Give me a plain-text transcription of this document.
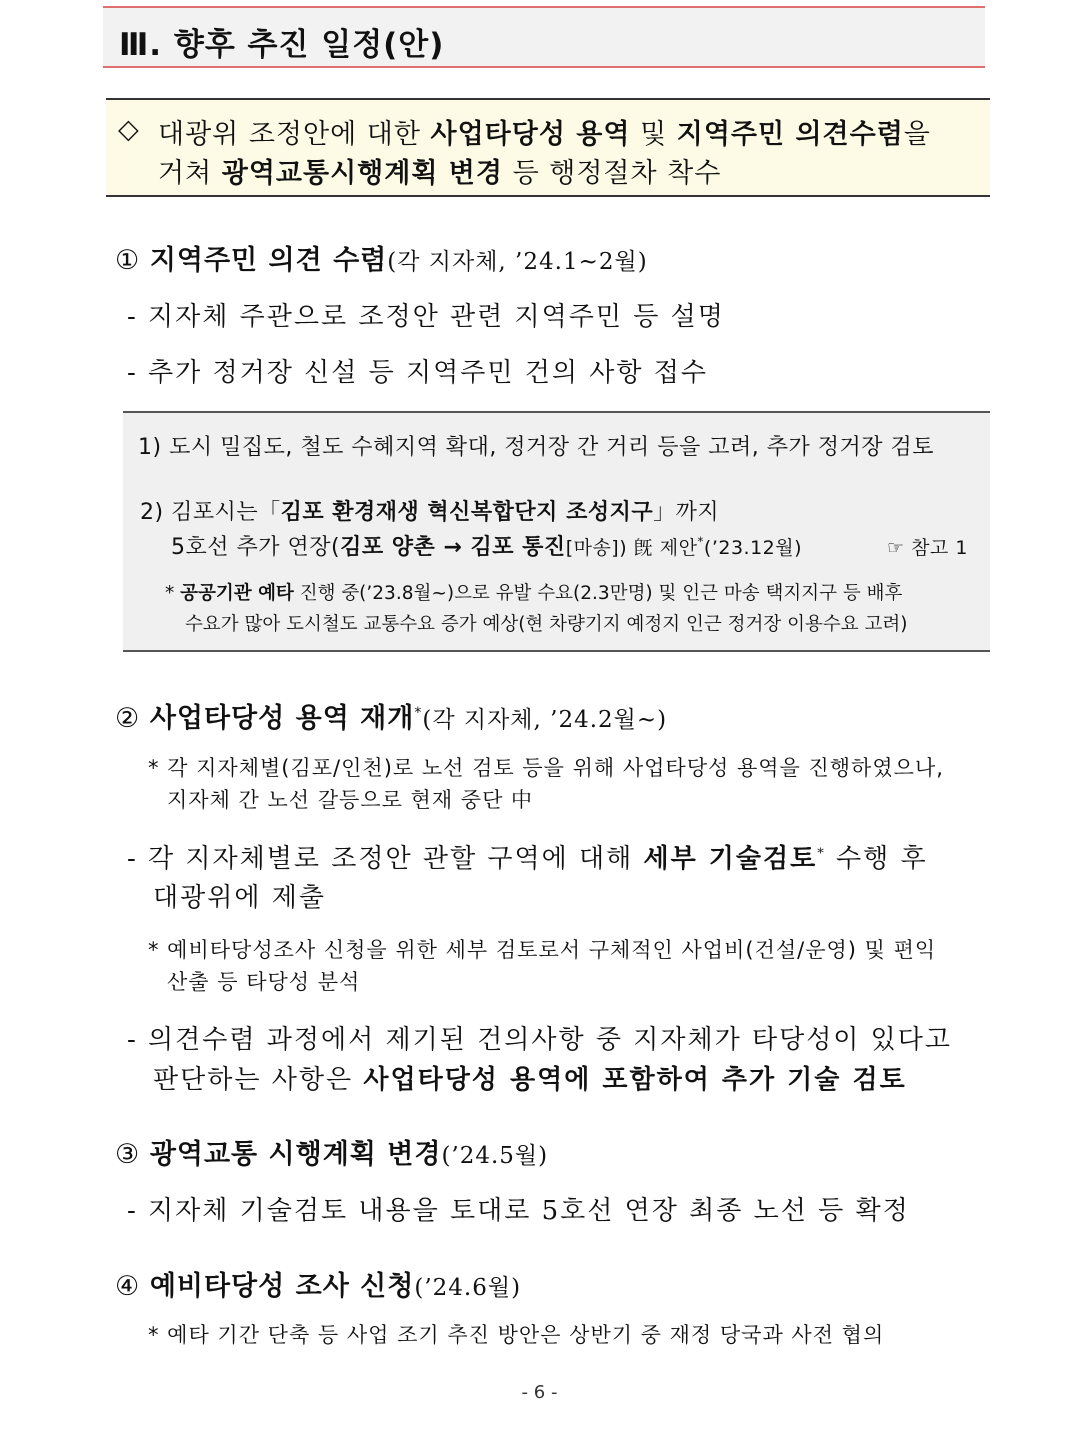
Ⅲ. 향후 추진 일정(안)
◇ 대광위 조정안에 대한 사업타당성 용역 및 지역주민 의견수렴을
거쳐 광역교통시행계획 변경 등 행정절차 착수
① 지역주민 의견 수렴(각 지자체, ’24.1~2월)
- 지자체 주관으로 조정안 관련 지역주민 등 설명
- 추가 정거장 신설 등 지역주민 건의 사항 접수
1) 도시 밀집도, 철도 수혜지역 확대, 정거장 간 거리 등을 고려, 추가 정거장 검토
2) 김포시는「김포 환경재생 혁신복합단지 조성지구」까지
5호선 추가 연장(김포 양촌 → 김포 통진[마송]) 旣 제안*(’23.12월)	☞ 참고 1
* 공공기관 예타 진행 중(’23.8월~)으로 유발 수요(2.3만명) 및 인근 마송 택지지구 등 배후
수요가 많아 도시철도 교통수요 증가 예상(현 차량기지 예정지 인근 정거장 이용수요 고려)
② 사업타당성 용역 재개*(각 지자체, ’24.2월~)
* 각 지자체별(김포/인천)로 노선 검토 등을 위해 사업타당성 용역을 진행하였으나,
지자체 간 노선 갈등으로 현재 중단 中
- 각 지자체별로 조정안 관할 구역에 대해 세부 기술검토* 수행 후
대광위에 제출
* 예비타당성조사 신청을 위한 세부 검토로서 구체적인 사업비(건설/운영) 및 편익
산출 등 타당성 분석
- 의견수렴 과정에서 제기된 건의사항 중 지자체가 타당성이 있다고
판단하는 사항은 사업타당성 용역에 포함하여 추가 기술 검토
③ 광역교통 시행계획 변경(’24.5월)
- 지자체 기술검토 내용을 토대로 5호선 연장 최종 노선 등 확정
④ 예비타당성 조사 신청(’24.6월)
* 예타 기간 단축 등 사업 조기 추진 방안은 상반기 중 재정 당국과 사전 협의
- 6 -
